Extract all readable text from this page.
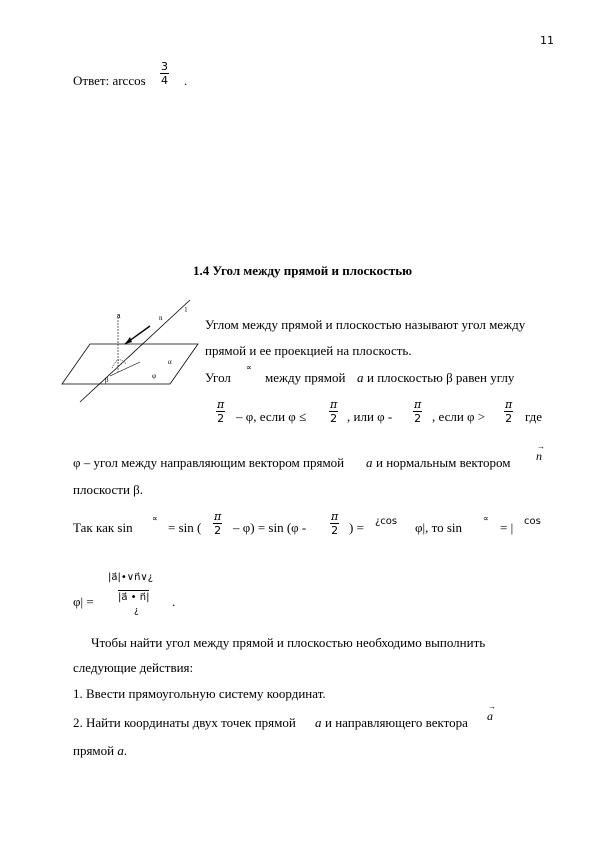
11
Ответ: arccos
3
4 .
1.4 Угол между прямой и плоскостью
a	n
l
φ
α
β
Углом между прямой и плоскостью называют угол между
прямой и ее проекцией на плоскость.
Угол
∝
между прямой a и плоскостью β равен углу
π
2 – φ, если φ ≤
π
2 , или φ -
π
2 , если φ >
π
2 где
φ – угол между направляющим вектором прямой a и нормальным вектором
→
n
плоскости β.
Так как sin
∝
= sin (
π
2 – φ) = sin (φ -
π
2 ) = ¿cos φ|, то sin
∝
= | cos
φ| =
|a⃗|•∨n⃗∨¿
|a⃗ • n⃗|
¿
.
Чтобы найти угол между прямой и плоскостью необходимо выполнить
следующие действия:
1. Ввести прямоугольную систему координат.
2. Найти координаты двух точек прямой a и направляющего вектора
→
a
прямой a.
